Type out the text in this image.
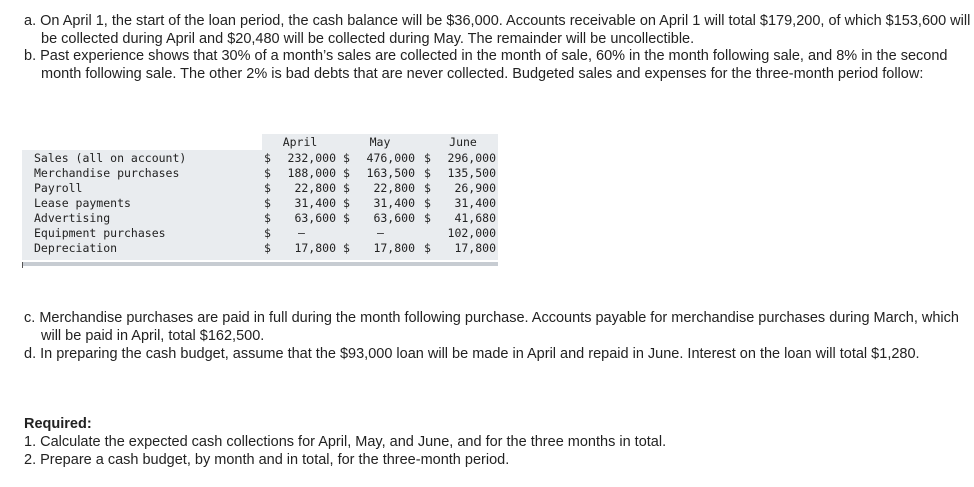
a. On April 1, the start of the loan period, the cash balance will be $36,000. Accounts receivable on April 1 will total $179,200, of which $153,600 will be collected during April and $20,480 will be collected during May. The remainder will be uncollectible.
b. Past experience shows that 30% of a month’s sales are collected in the month of sale, 60% in the month following sale, and 8% in the second month following sale. The other 2% is bad debts that are never collected. Budgeted sales and expenses for the three-month period follow:
April	May	June
Sales (all on account)	$ 232,000 $ 476,000 $ 296,000
Merchandise purchases	$ 188,000 $ 163,500 $ 135,500
Payroll	$ 22,800 $ 22,800 $ 26,900
Lease payments	$ 31,400 $ 31,400 $ 31,400
Advertising	$ 63,600 $ 63,600 $ 41,680
Equipment purchases	$ –	–	102,000
Depreciation	$ 17,800 $ 17,800 $ 17,800
c. Merchandise purchases are paid in full during the month following purchase. Accounts payable for merchandise purchases during March, which will be paid in April, total $162,500.
d. In preparing the cash budget, assume that the $93,000 loan will be made in April and repaid in June. Interest on the loan will total $1,280.
Required:
1. Calculate the expected cash collections for April, May, and June, and for the three months in total.
2. Prepare a cash budget, by month and in total, for the three-month period.
